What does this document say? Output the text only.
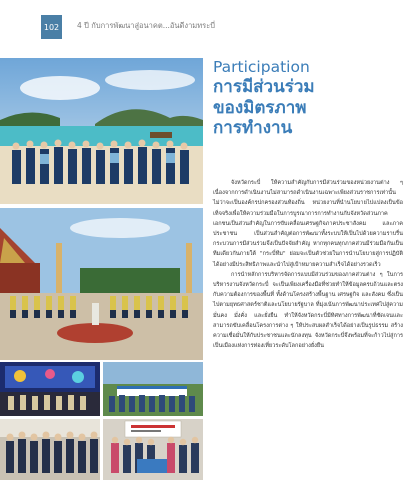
102	4 ปี กับการพัฒนาสู่อนาคต...อันดีงามทระบี่
Participation
การมีส่วนร่วม
ของมิตรภาพ
การทำงาน

จังหวัดกระบี่ ให้ความสำคัญกับการมีส่วนร่วมของหน่วยงานต่าง ๆ เนื่องจากการดำเนินงานไม่สามารถดำเนินงานเฉพาะเพียงส่วนราชการเท่านั้น ไม่ว่าจะเป็นองค์กรปกครองส่วนท้องถิ่น หน่วยงานที่นำนโยบายไปแปลงเป็นข้อเท็จจริงเพื่อให้ความร่วมมือในการบูรณาการการทำงานกับจังหวัดส่วนภาคเอกชนเป็นส่วนสำคัญในการขับเคลื่อนเศรษฐกิจภาคประชาสังคม และภาคประชาชน เป็นส่วนสำคัญต่อการพัฒนาทั้งระบบให้เป็นไปด้วยความราบรื่น กระบวนการมีส่วนร่วมจึงเป็นปัจจัยสำคัญ หากทุกคนทุกภาคส่วนมีร่วมมือกันเป็นทีมเดียวกันภายใต้ "กระบี่ทีม" ย่อมจะเป็นตัวช่วยในการนำนโยบายสู่การปฏิบัติได้อย่างมีประสิทธิภาพและนำไปสู่เป้าหมายความสำเร็จได้อย่างรวดเร็ว

การนำหลักการบริหารจัดการแบบมีส่วนร่วมของภาคส่วนต่าง ๆ ในการบริหารงานจังหวัดกระบี่ จะเป็นเพียงเครื่องมือที่ช่วยทำให้ข้อมูลครบถ้วนและตรงกับความต้องการของพื้นที่ ทั้งด้านโครงสร้างพื้นฐาน เศรษฐกิจ และสังคม ซึ่งเป็นไปตามยุทธศาสตร์ชาติและนโยบายรัฐบาล ที่มุ่งเน้นการพัฒนาประเทศไปสู่ความมั่นคง มั่งคั่ง และยั่งยืน ทำให้จังหวัดกระบี่มีทิศทางการพัฒนาที่ชัดเจนและสามารถขับเคลื่อนโครงการต่าง ๆ ให้ประสบผลสำเร็จได้อย่างเป็นรูปธรรม สร้างความเชื่อมั่นให้กับประชาชนและนักลงทุน จังหวัดกระบี่จึงพร้อมที่จะก้าวไปสู่การเป็นเมืองแห่งการท่องเที่ยวระดับโลกอย่างยั่งยืน
